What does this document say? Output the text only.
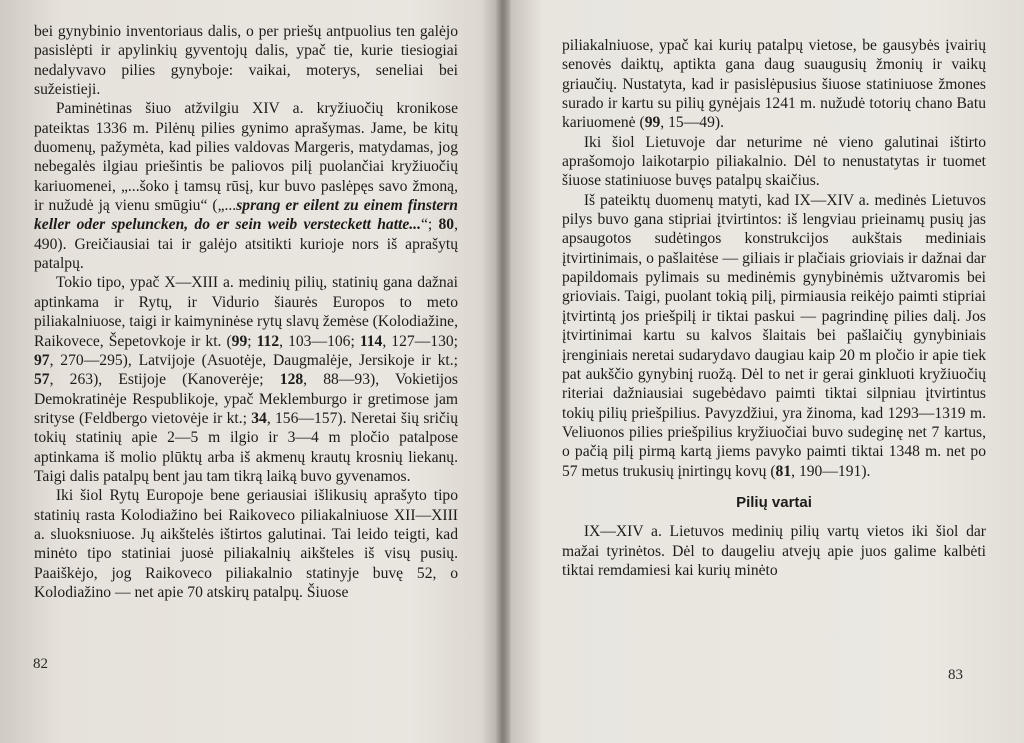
bei gynybinio inventoriaus dalis, o per priešų antpuolius ten galėjo pasislėpti ir apylinkių gyventojų dalis, ypač tie, kurie tiesiogiai nedalyvavo pilies gynyboje: vaikai, moterys, seneliai bei sužeistieji.

Paminėtinas šiuo atžvilgiu XIV a. kryžiuočių kronikose pateiktas 1336 m. Pilėnų pilies gynimo aprašymas. Jame, be kitų duomenų, pažymėta, kad pilies valdovas Margeris, matydamas, jog nebegalės ilgiau priešintis be paliovos pilį puolančiai kryžiuočių kariuomenei, „...šoko į tamsų rūsį, kur buvo paslėpęs savo žmoną, ir nužudė ją vienu smūgiu“ („...sprang er eilent zu einem finstern keller oder speluncken, do er sein weib versteckett hatte...“; 80, 490). Greičiausiai tai ir galėjo atsitikti kurioje nors iš aprašytų patalpų.

Tokio tipo, ypač X—XIII a. medinių pilių, statinių gana dažnai aptinkama ir Rytų, ir Vidurio šiaurės Europos to meto piliakalniuose, taigi ir kaimyninėse rytų slavų žemėse (Kolodiažine, Raikovece, Šepetovkoje ir kt. (99; 112, 103—106; 114, 127—130; 97, 270—295), Latvijoje (Asuotėje, Daugmalėje, Jersikoje ir kt.; 57, 263), Estijoje (Kanoverėje; 128, 88—93), Vokietijos Demokratinėje Respublikoje, ypač Meklemburgo ir gretimose jam srityse (Feldbergo vietovėje ir kt.; 34, 156—157). Neretai šių sričių tokių statinių apie 2—5 m ilgio ir 3—4 m pločio patalpose aptinkama iš molio plūktų arba iš akmenų krautų krosnių liekanų. Taigi dalis patalpų bent jau tam tikrą laiką buvo gyvenamos.

Iki šiol Rytų Europoje bene geriausiai išlikusių aprašyto tipo statinių rasta Kolodiažino bei Raikoveco piliakalniuose XII—XIII a. sluoksniuose. Jų aikštelės ištirtos galutinai. Tai leido teigti, kad minėto tipo statiniai juosė piliakalnių aikšteles iš visų pusių. Paaiškėjo, jog Raikoveco piliakalnio statinyje buvę 52, o Kolodiažino — net apie 70 atskirų patalpų. Šiuose

82

piliakalniuose, ypač kai kurių patalpų vietose, be gausybės įvairių senovės daiktų, aptikta gana daug suaugusių žmonių ir vaikų griaučių. Nustatyta, kad ir pasislėpusius šiuose statiniuose žmones surado ir kartu su pilių gynėjais 1241 m. nužudė totorių chano Batu kariuomenė (99, 15—49).

Iki šiol Lietuvoje dar neturime nė vieno galutinai ištirto aprašomojo laikotarpio piliakalnio. Dėl to nenustatytas ir tuomet šiuose statiniuose buvęs patalpų skaičius.

Iš pateiktų duomenų matyti, kad IX—XIV a. medinės Lietuvos pilys buvo gana stipriai įtvirtintos: iš lengviau prieinamų pusių jas apsaugotos sudėtingos konstrukcijos aukštais mediniais įtvirtinimais, o pašlaitėse — giliais ir plačiais grioviais ir dažnai dar papildomais pylimais su medinėmis gynybinėmis užtvaromis bei grioviais. Taigi, puolant tokią pilį, pirmiausia reikėjo paimti stipriai įtvirtintą jos priešpilį ir tiktai paskui — pagrindinę pilies dalį. Jos įtvirtinimai kartu su kalvos šlaitais bei pašlaičių gynybiniais įrenginiais neretai sudarydavo daugiau kaip 20 m pločio ir apie tiek pat aukščio gynybinį ruožą. Dėl to net ir gerai ginkluoti kryžiuočių riteriai dažniausiai sugebėdavo paimti tiktai silpniau įtvirtintus tokių pilių priešpilius. Pavyzdžiui, yra žinoma, kad 1293—1319 m. Veliuonos pilies priešpilius kryžiuočiai buvo sudeginę net 7 kartus, o pačią pilį pirmą kartą jiems pavyko paimti tiktai 1348 m. net po 57 metus trukusių įnirtingų kovų (81, 190—191).

Pilių vartai

IX—XIV a. Lietuvos medinių pilių vartų vietos iki šiol dar mažai tyrinėtos. Dėl to daugeliu atvejų apie juos galime kalbėti tiktai remdamiesi kai kurių minėto

83
